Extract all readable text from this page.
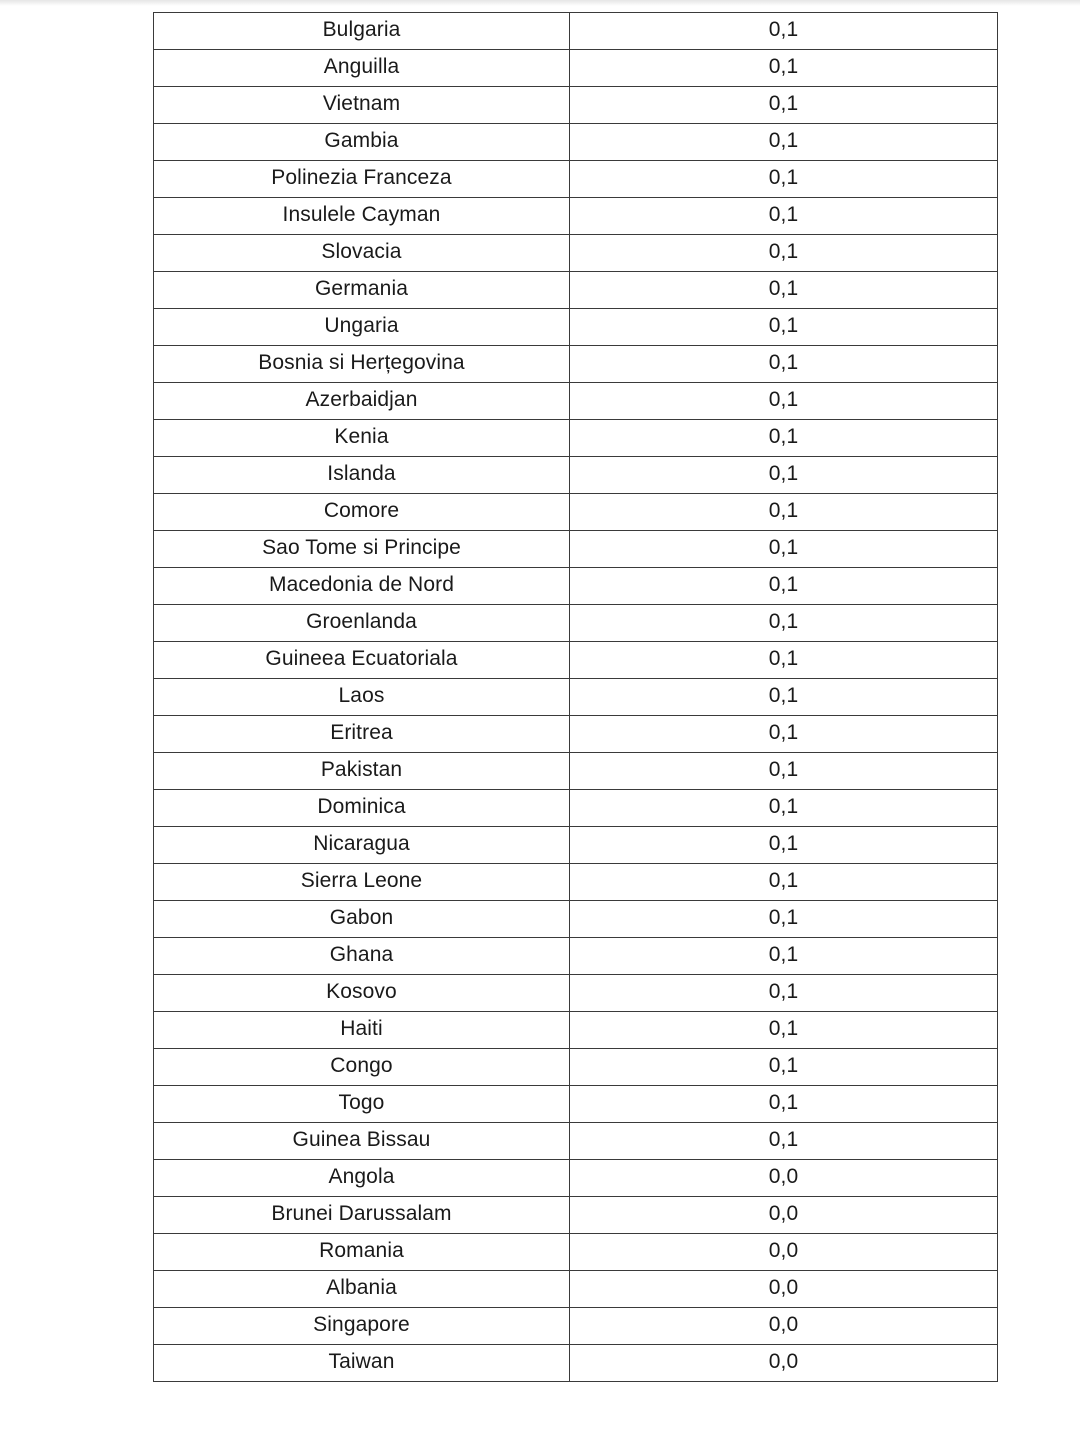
Bulgaria	0,1
Anguilla	0,1
Vietnam	0,1
Gambia	0,1
Polinezia Franceza	0,1
Insulele Cayman	0,1
Slovacia	0,1
Germania	0,1
Ungaria	0,1
Bosnia si Herțegovina	0,1
Azerbaidjan	0,1
Kenia	0,1
Islanda	0,1
Comore	0,1
Sao Tome si Principe	0,1
Macedonia de Nord	0,1
Groenlanda	0,1
Guineea Ecuatoriala	0,1
Laos	0,1
Eritrea	0,1
Pakistan	0,1
Dominica	0,1
Nicaragua	0,1
Sierra Leone	0,1
Gabon	0,1
Ghana	0,1
Kosovo	0,1
Haiti	0,1
Congo	0,1
Togo	0,1
Guinea Bissau	0,1
Angola	0,0
Brunei Darussalam	0,0
Romania	0,0
Albania	0,0
Singapore	0,0
Taiwan	0,0
